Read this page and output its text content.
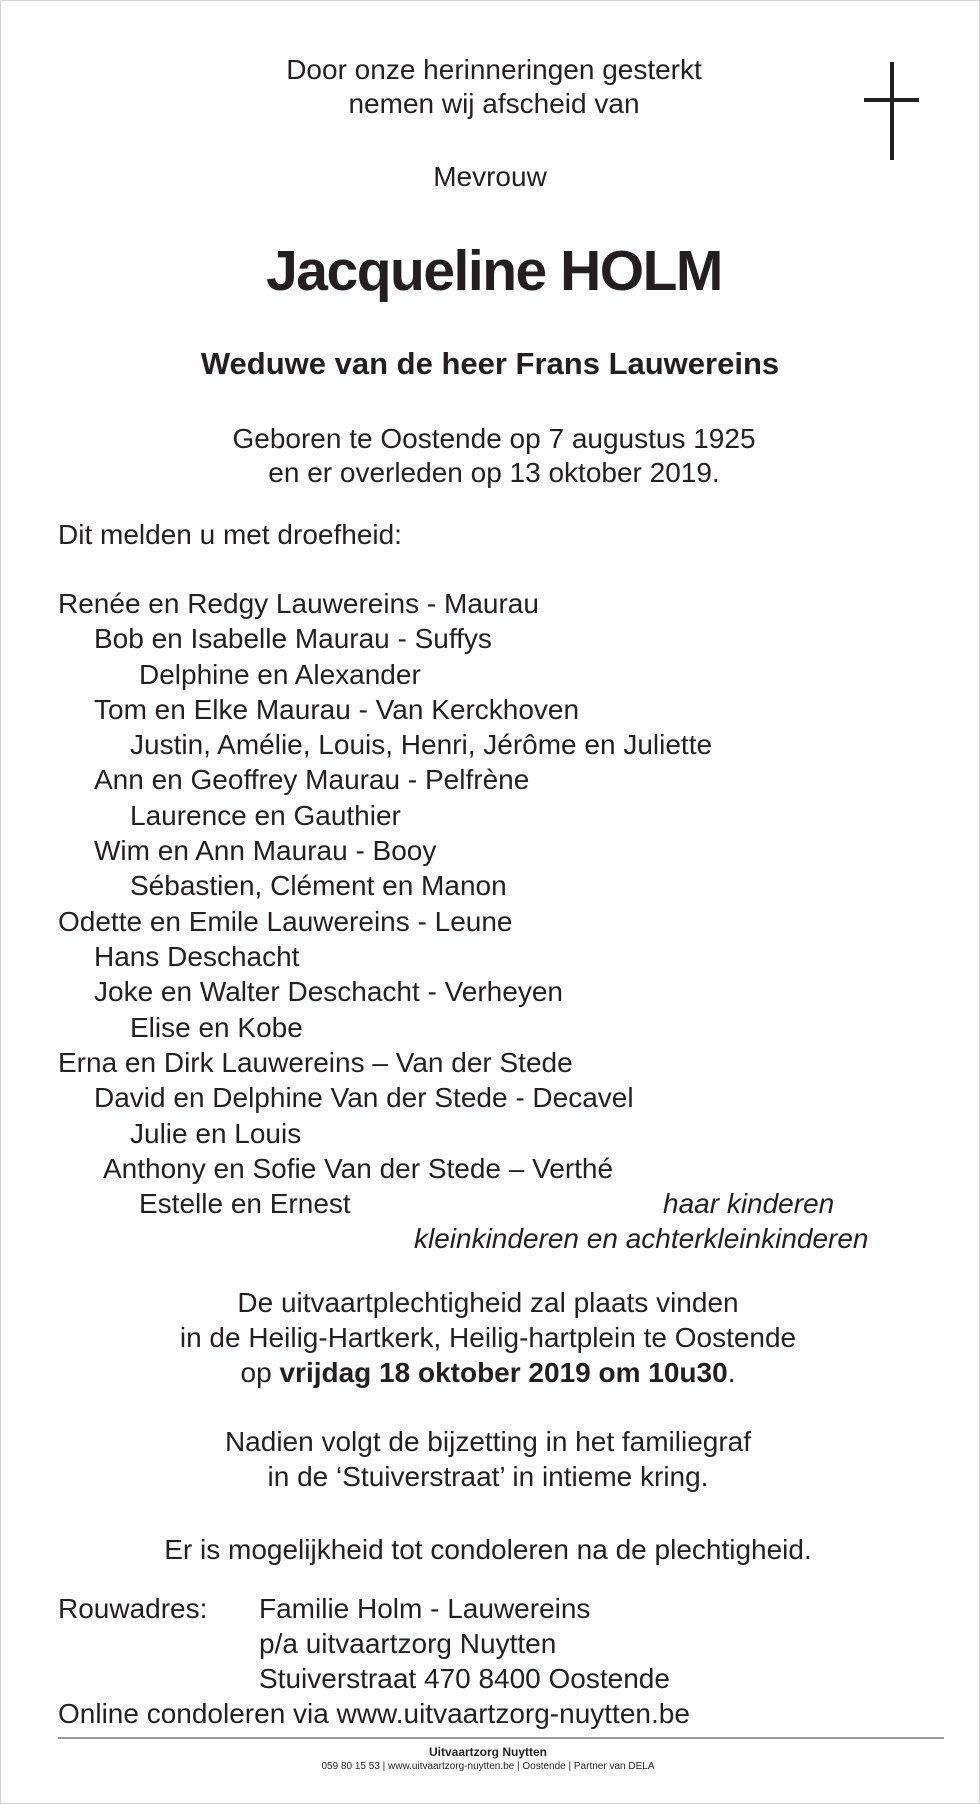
Door onze herinneringen gesterkt
nemen wij afscheid van
Mevrouw
Jacqueline HOLM
Weduwe van de heer Frans Lauwereins
Geboren te Oostende op 7 augustus 1925
en er overleden op 13 oktober 2019.
Dit melden u met droefheid:
Renée en Redgy Lauwereins - Maurau
Bob en Isabelle Maurau - Suffys
Delphine en Alexander
Tom en Elke Maurau - Van Kerckhoven
Justin, Amélie, Louis, Henri, Jérôme en Juliette
Ann en Geoffrey Maurau - Pelfrène
Laurence en Gauthier
Wim en Ann Maurau - Booy
Sébastien, Clément en Manon
Odette en Emile Lauwereins - Leune
Hans Deschacht
Joke en Walter Deschacht - Verheyen
Elise en Kobe
Erna en Dirk Lauwereins – Van der Stede
David en Delphine Van der Stede - Decavel
Julie en Louis
Anthony en Sofie Van der Stede – Verthé
Estelle en Ernest	haar kinderen
kleinkinderen en achterkleinkinderen
De uitvaartplechtigheid zal plaats vinden
in de Heilig-Hartkerk, Heilig-hartplein te Oostende
op vrijdag 18 oktober 2019 om 10u30.
Nadien volgt de bijzetting in het familiegraf
in de ‘Stuiverstraat’ in intieme kring.
Er is mogelijkheid tot condoleren na de plechtigheid.
Rouwadres: Familie Holm - Lauwereins
p/a uitvaartzorg Nuytten
Stuiverstraat 470 8400 Oostende
Online condoleren via www.uitvaartzorg-nuytten.be
Uitvaartzorg Nuytten
059 80 15 53 | www.uitvaartzorg-nuytten.be | Oostende | Partner van DELA
